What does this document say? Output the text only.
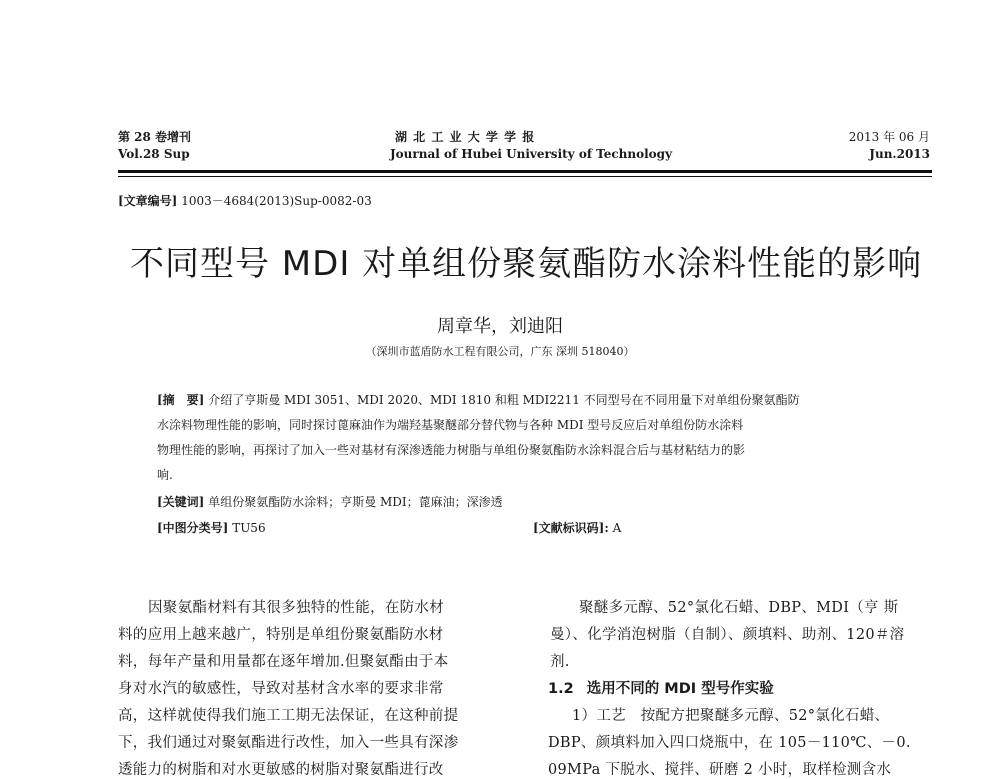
第 28 卷增刊
Vol.28 Sup
湖 北 工 业 大 学 学 报
Journal of Hubei University of Technology
2013 年 06 月
Jun.2013
[文章编号] 1003－4684(2013)Sup-0082-03
不同型号 MDI 对单组份聚氨酯防水涂料性能的影响
周章华，刘迪阳
（深圳市蓝盾防水工程有限公司，广东 深圳 518040）
[摘　要] 介绍了亨斯曼 MDI 3051、MDI 2020、MDI 1810 和粗 MDI2211 不同型号在不同用量下对单组份聚氨酯防
水涂料物理性能的影响，同时探讨蓖麻油作为端羟基聚醚部分替代物与各种 MDI 型号反应后对单组份防水涂料
物理性能的影响，再探讨了加入一些对基材有深渗透能力树脂与单组份聚氨酯防水涂料混合后与基材粘结力的影
响.
[关键词] 单组份聚氨酯防水涂料；亨斯曼 MDI；蓖麻油；深渗透
[中图分类号] TU56	[文献标识码]: A
因聚氨酯材料有其很多独特的性能，在防水材
料的应用上越来越广，特别是单组份聚氨酯防水材
料，每年产量和用量都在逐年增加.但聚氨酯由于本
身对水汽的敏感性，导致对基材含水率的要求非常
高，这样就使得我们施工工期无法保证，在这种前提
下，我们通过对聚氨酯进行改性，加入一些具有深渗
透能力的树脂和对水更敏感的树脂对聚氨酯进行改
聚醚多元醇、52°氯化石蜡、DBP、MDI（亨 斯
曼）、化学消泡树脂（自制）、颜填料、助剂、120＃溶
剂.
1.2 选用不同的 MDI 型号作实验
1）工艺　按配方把聚醚多元醇、52°氯化石蜡、
DBP、颜填料加入四口烧瓶中，在 105－110℃、－0.
09MPa 下脱水、搅拌、研磨 2 小时，取样检测含水
